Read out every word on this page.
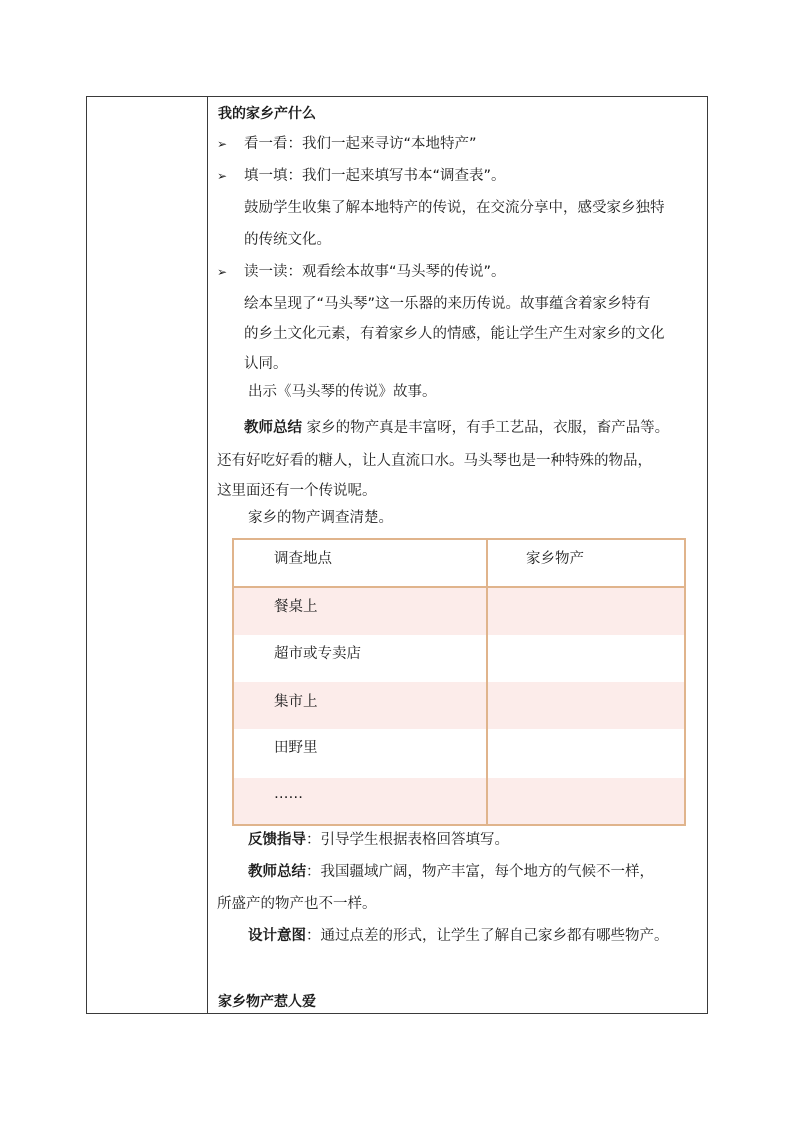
我的家乡产什么
➢ 看一看：我们一起来寻访“本地特产”
➢ 填一填：我们一起来填写书本“调查表”。
鼓励学生收集了解本地特产的传说，在交流分享中，感受家乡独特
的传统文化。
➢ 读一读：观看绘本故事“马头琴的传说”。
绘本呈现了“马头琴”这一乐器的来历传说。故事蕴含着家乡特有
的乡土文化元素，有着家乡人的情感，能让学生产生对家乡的文化
认同。
出示《马头琴的传说》故事。
教师总结 家乡的物产真是丰富呀，有手工艺品，衣服，畜产品等。
还有好吃好看的糖人，让人直流口水。马头琴也是一种特殊的物品，
这里面还有一个传说呢。
家乡的物产调查清楚。
调查地点	家乡物产
餐桌上
超市或专卖店
集市上
田野里
……
反馈指导：引导学生根据表格回答填写。
教师总结：我国疆域广阔，物产丰富，每个地方的气候不一样，
所盛产的物产也不一样。
设计意图：通过点差的形式，让学生了解自己家乡都有哪些物产。
家乡物产惹人爱
